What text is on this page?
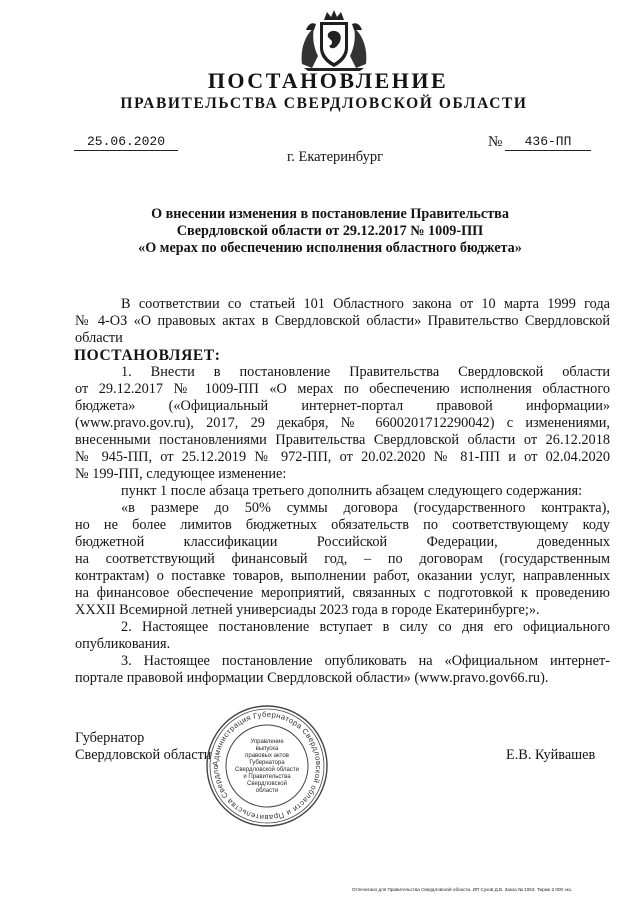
ПОСТАНОВЛЕНИЕ
ПРАВИТЕЛЬСТВА СВЕРДЛОВСКОЙ ОБЛАСТИ
25.06.2020	№	436-ПП
г. Екатеринбург
О внесении изменения в постановление Правительства
Свердловской области от 29.12.2017 № 1009-ПП
«О мерах по обеспечению исполнения областного бюджета»
В соответствии со статьей 101 Областного закона от 10 марта 1999 года
№ 4-ОЗ «О правовых актах в Свердловской области» Правительство Свердловской
области
ПОСТАНОВЛЯЕТ:
1. Внести в постановление Правительства Свердловской области
от 29.12.2017 № 1009-ПП «О мерах по обеспечению исполнения областного
бюджета» («Официальный интернет-портал правовой информации»
(www.pravo.gov.ru), 2017, 29 декабря, № 6600201712290042) с изменениями,
внесенными постановлениями Правительства Свердловской области от 26.12.2018
№ 945-ПП, от 25.12.2019 № 972-ПП, от 20.02.2020 № 81-ПП и от 02.04.2020
№ 199-ПП, следующее изменение:
пункт 1 после абзаца третьего дополнить абзацем следующего содержания:
«в размере до 50% суммы договора (государственного контракта),
но не более лимитов бюджетных обязательств по соответствующему коду
бюджетной классификации Российской Федерации, доведенных
на соответствующий финансовый год, – по договорам (государственным
контрактам) о поставке товаров, выполнении работ, оказании услуг, направленных
на финансовое обеспечение мероприятий, связанных с подготовкой к проведению
XXXII Всемирной летней универсиады 2023 года в городе Екатеринбурге;».
2. Настоящее постановление вступает в силу со дня его официального
опубликования.
3. Настоящее постановление опубликовать на «Официальном интернет-
портале правовой информации Свердловской области» (www.pravo.gov66.ru).
Губернатор
Свердловской области	Е.В. Куйвашев
Администрация Губернатора Свердловской области и Правительства Свердло
Управление
выпуска
правовых актов
Губернатора
Свердловской области
и Правительства
Свердловской
области
Отпечатано для Правительства Свердловской области. ИП Сухов Д.В. Заказ № 1063. Тираж 2 000 экз.
